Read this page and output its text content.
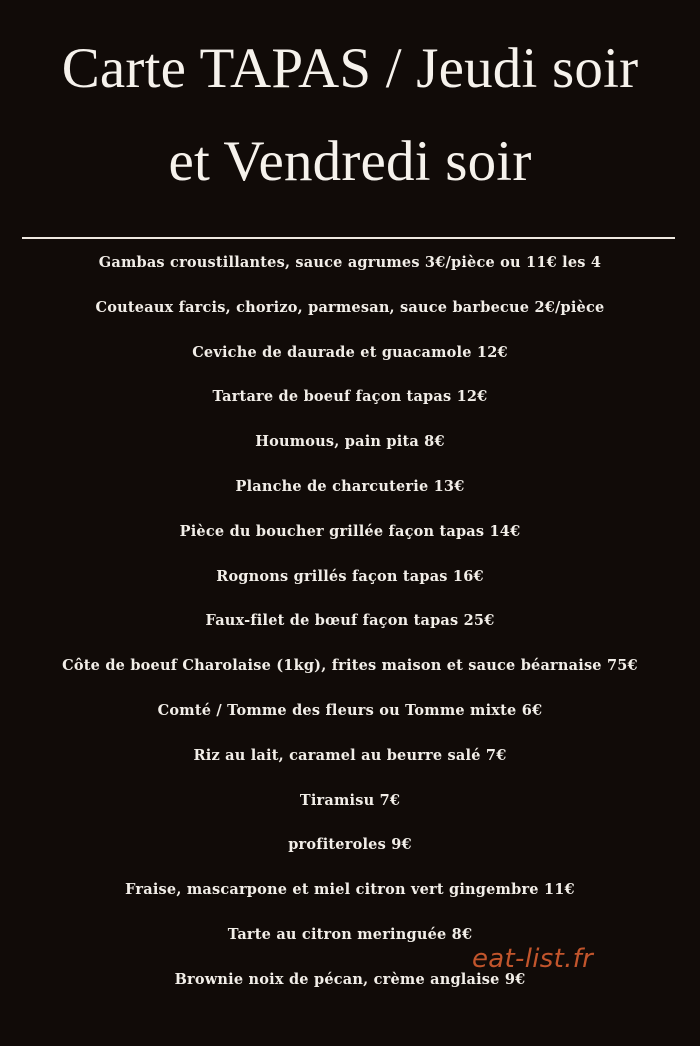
Carte TAPAS / Jeudi soir
et Vendredi soir
Gambas croustillantes, sauce agrumes 3€/pièce ou 11€ les 4
Couteaux farcis, chorizo, parmesan, sauce barbecue 2€/pièce
Ceviche de daurade et guacamole 12€
Tartare de boeuf façon tapas 12€
Houmous, pain pita 8€
Planche de charcuterie 13€
Pièce du boucher grillée façon tapas 14€
Rognons grillés façon tapas 16€
Faux-filet de bœuf façon tapas 25€
Côte de boeuf Charolaise (1kg), frites maison et sauce béarnaise 75€
Comté / Tomme des fleurs ou Tomme mixte 6€
Riz au lait, caramel au beurre salé 7€
Tiramisu 7€
profiteroles 9€
Fraise, mascarpone et miel citron vert gingembre 11€
Tarte au citron meringuée 8€
Brownie noix de pécan, crème anglaise 9€
eat-list.fr
